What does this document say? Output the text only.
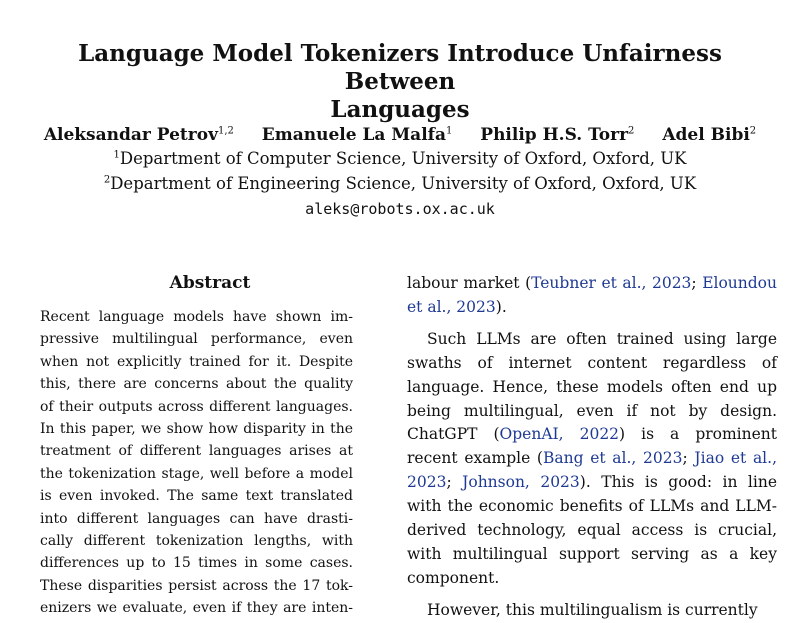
Language Model Tokenizers Introduce Unfairness Between
Languages
Aleksandar Petrov$^{1,2}$ Emanuele La Malfa$^1$ Philip H.S. Torr$^2$ Adel Bibi$^2$
$^1$Department of Computer Science, University of Oxford, Oxford, UK
$^2$Department of Engineering Science, University of Oxford, Oxford, UK
aleks@robots.ox.ac.uk
Abstract
Recent language models have shown im-
pressive multilingual performance, even
when not explicitly trained for it. Despite
this, there are concerns about the quality
of their outputs across different languages.
In this paper, we show how disparity in the
treatment of different languages arises at
the tokenization stage, well before a model
is even invoked. The same text translated
into different languages can have drasti-
cally different tokenization lengths, with
differences up to 15 times in some cases.
These disparities persist across the 17 tok-
enizers we evaluate, even if they are inten-

labour market (Teubner et al., 2023; Eloundou et al., 2023).

Such LLMs are often trained using large swaths of internet content regardless of language. Hence, these models often end up being multilingual, even if not by design. ChatGPT (OpenAI, 2022) is a prominent recent example (Bang et al., 2023; Jiao et al., 2023; Johnson, 2023). This is good: in line with the economic benefits of LLMs and LLM-derived technology, equal access is crucial, with multilingual support serving as a key component.

However, this multilingualism is currently
